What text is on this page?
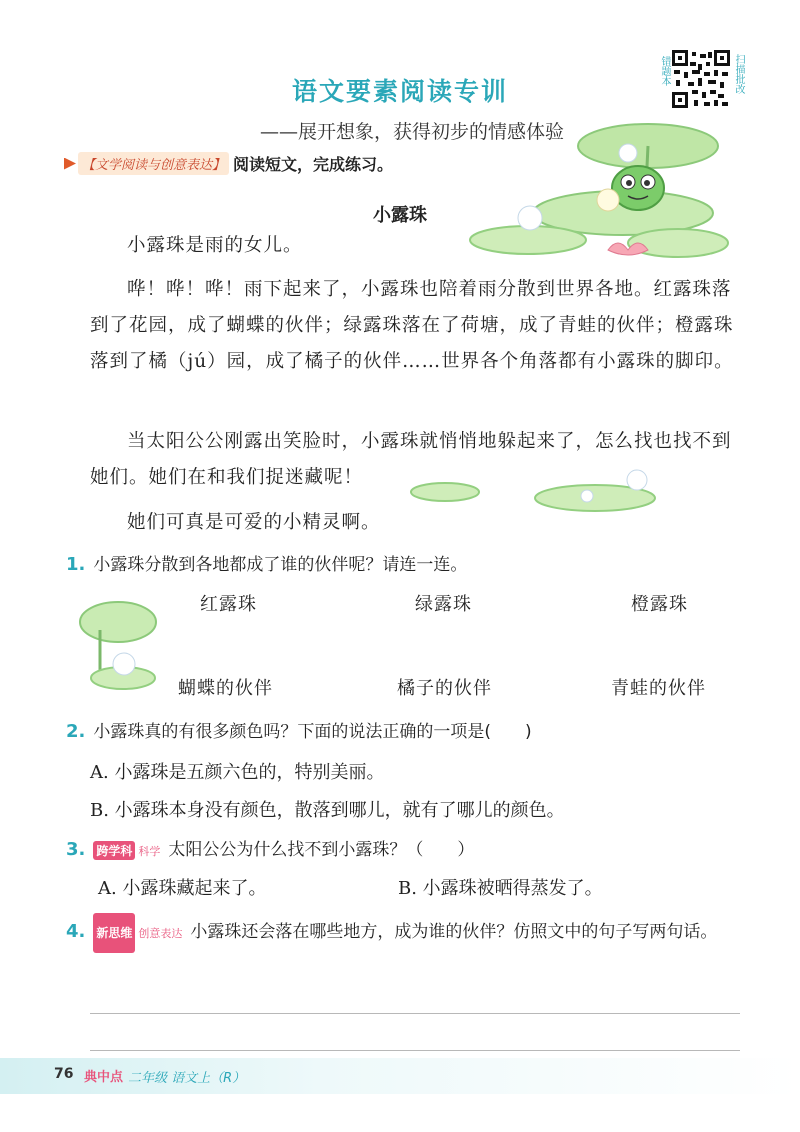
语文要素阅读专训
——展开想象，获得初步的情感体验
错题本	扫描批改
【文学阅读与创意表达】 阅读短文，完成练习。
小露珠
小露珠是雨的女儿。
哗！哗！哗！雨下起来了，小露珠也陪着雨分散到世界各地。红露珠落到了花园，成了蝴蝶的伙伴；绿露珠落在了荷塘，成了青蛙的伙伴；橙露珠落到了橘（jú）园，成了橘子的伙伴……世界各个角落都有小露珠的脚印。
当太阳公公刚露出笑脸时，小露珠就悄悄地躲起来了，怎么找也找不到她们。她们在和我们捉迷藏呢！
她们可真是可爱的小精灵啊。
1. 小露珠分散到各地都成了谁的伙伴呢？请连一连。
红露珠	绿露珠	橙露珠
蝴蝶的伙伴	橘子的伙伴	青蛙的伙伴
2. 小露珠真的有很多颜色吗？下面的说法正确的一项是(　　)
A. 小露珠是五颜六色的，特别美丽。
B. 小露珠本身没有颜色，散落到哪儿，就有了哪儿的颜色。
3. 跨学科 科学 太阳公公为什么找不到小露珠？（　　）
A. 小露珠藏起来了。	B. 小露珠被晒得蒸发了。
4. 新思维 创意表达 小露珠还会落在哪些地方，成为谁的伙伴？仿照文中的句子写两句话。
76 典中点 二年级 语文上（R）
